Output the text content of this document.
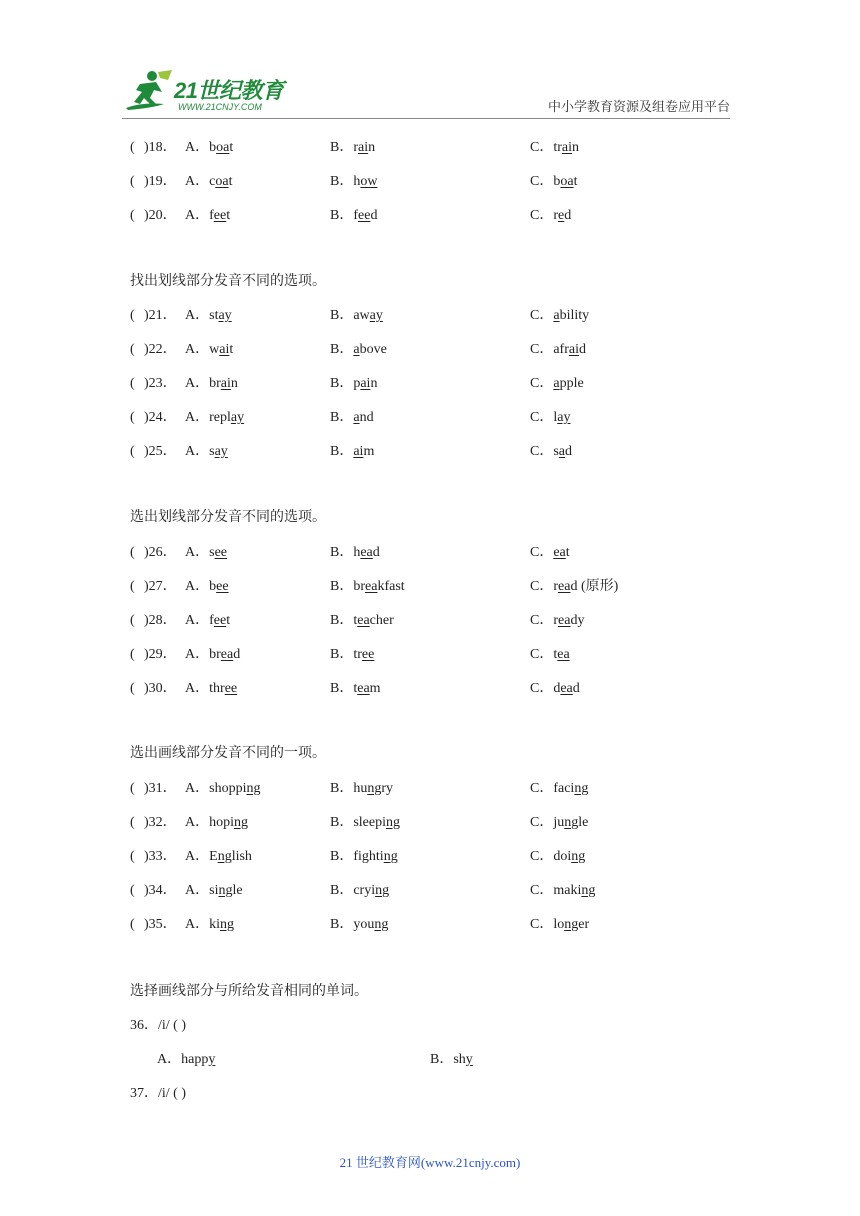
21世纪教育
WWW.21CNJY.COM	中小学教育资源及组卷应用平台
( )18． A．boat	B．rain	C．train
( )19． A．coat	B．how	C．boat
( )20． A．feet	B．feed	C．red
找出划线部分发音不同的选项。
( )21． A．stay	B．away	C．ability
( )22． A．wait	B．above	C．afraid
( )23． A．brain	B．pain	C．apple
( )24． A．replay	B．and	C．lay
( )25． A．say	B．aim	C．sad
选出划线部分发音不同的选项。
( )26． A．see	B．head	C．eat
( )27． A．bee	B．breakfast	C．read (原形)
( )28． A．feet	B．teacher	C．ready
( )29． A．bread	B．tree	C．tea
( )30． A．three	B．team	C．dead
选出画线部分发音不同的一项。
( )31． A．shopping	B．hungry	C．facing
( )32． A．hoping	B．sleeping	C．jungle
( )33． A．English	B．fighting	C．doing
( )34． A．single	B．crying	C．making
( )35． A．king	B．young	C．longer
选择画线部分与所给发音相同的单词。
36．/i/ ( )
A．happy	B．shy
37．/i/ ( )
21 世纪教育网(www.21cnjy.com)
